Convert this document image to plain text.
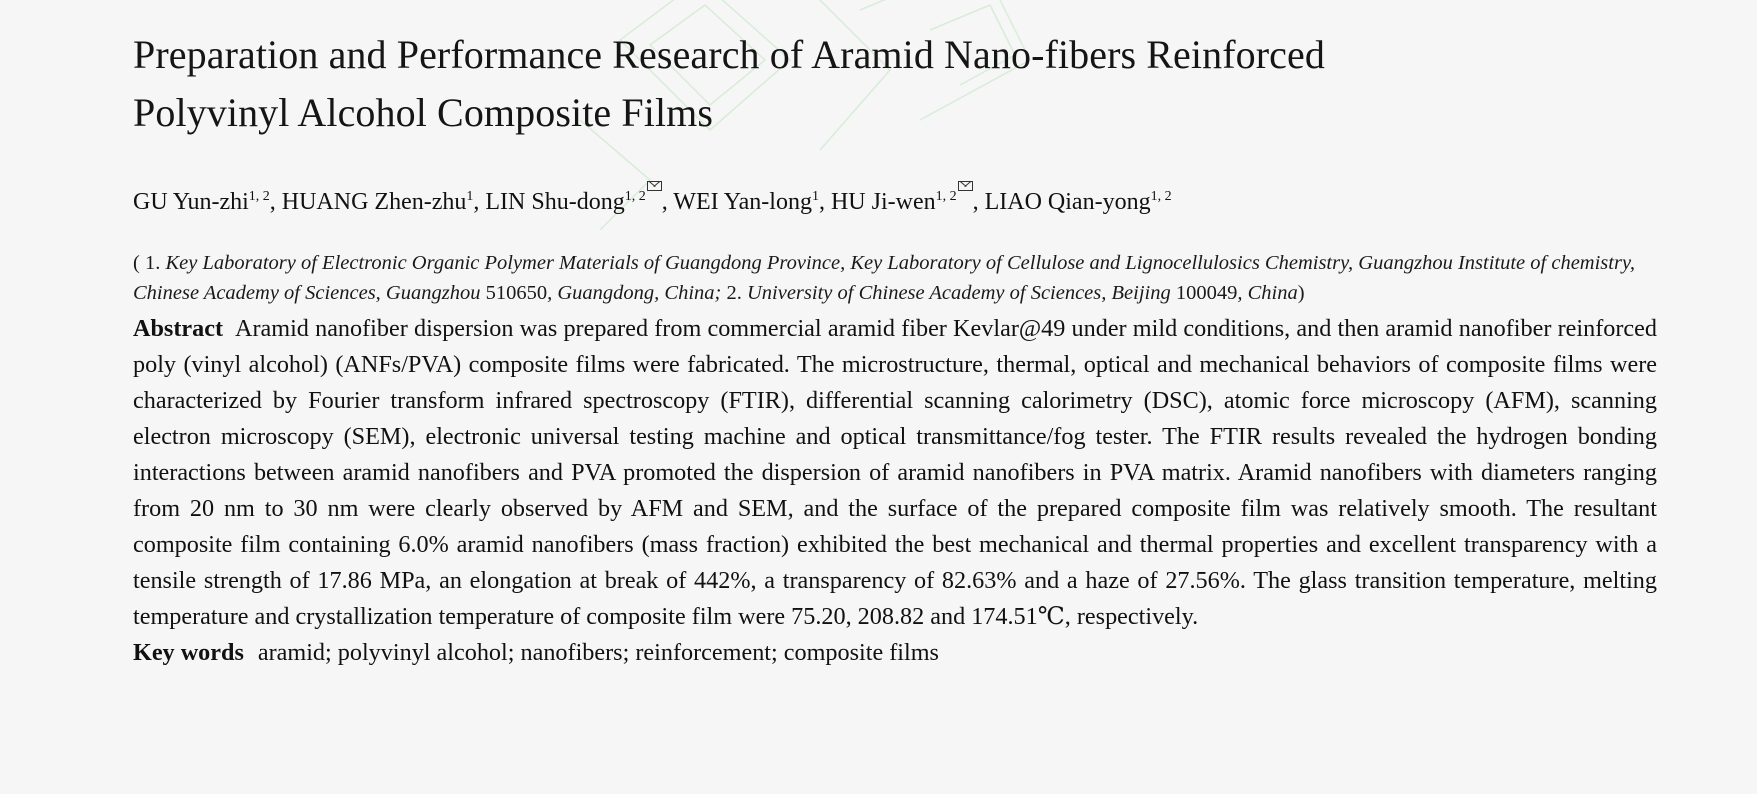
Preparation and Performance Research of Aramid Nano-fibers Reinforced
Polyvinyl Alcohol Composite Films
GU Yun-zhi$^{1, 2}$, HUANG Zhen-zhu$^1$, LIN Shu-dong$^{1, 2}$ , WEI Yan-long$^1$, HU Ji-wen$^{1, 2}$ , LIAO Qian-yong$^{1, 2}$
( 1. Key Laboratory of Electronic Organic Polymer Materials of Guangdong Province, Key Laboratory of Cellulose and Lignocellulosics Chemistry, Guangzhou Institute of chemistry, Chinese Academy of Sciences, Guangzhou 510650, Guangdong, China; 2. University of Chinese Academy of Sciences, Beijing 100049, China)
Abstract Aramid nanofiber dispersion was prepared from commercial aramid fiber Kevlar@49 under mild conditions, and then aramid nanofiber reinforced poly (vinyl alcohol) (ANFs/PVA) composite films were fabricated. The microstructure, thermal, optical and mechanical behaviors of composite films were characterized by Fourier transform infrared spectroscopy (FTIR), differential scanning calorimetry (DSC), atomic force microscopy (AFM), scanning electron microscopy (SEM), electronic universal testing machine and optical transmittance/fog tester. The FTIR results revealed the hydrogen bonding interactions between aramid nanofibers and PVA promoted the dispersion of aramid nanofibers in PVA matrix. Aramid nanofibers with diameters ranging from 20 nm to 30 nm were clearly observed by AFM and SEM, and the surface of the prepared composite film was relatively smooth. The resultant composite film containing 6.0% aramid nanofibers (mass fraction) exhibited the best mechanical and thermal properties and excellent transparency with a tensile strength of 17.86 MPa, an elongation at break of 442%, a transparency of 82.63% and a haze of 27.56%. The glass transition temperature, melting temperature and crystallization temperature of composite film were 75.20, 208.82 and 174.51℃, respectively.
Key words aramid; polyvinyl alcohol; nanofibers; reinforcement; composite films
